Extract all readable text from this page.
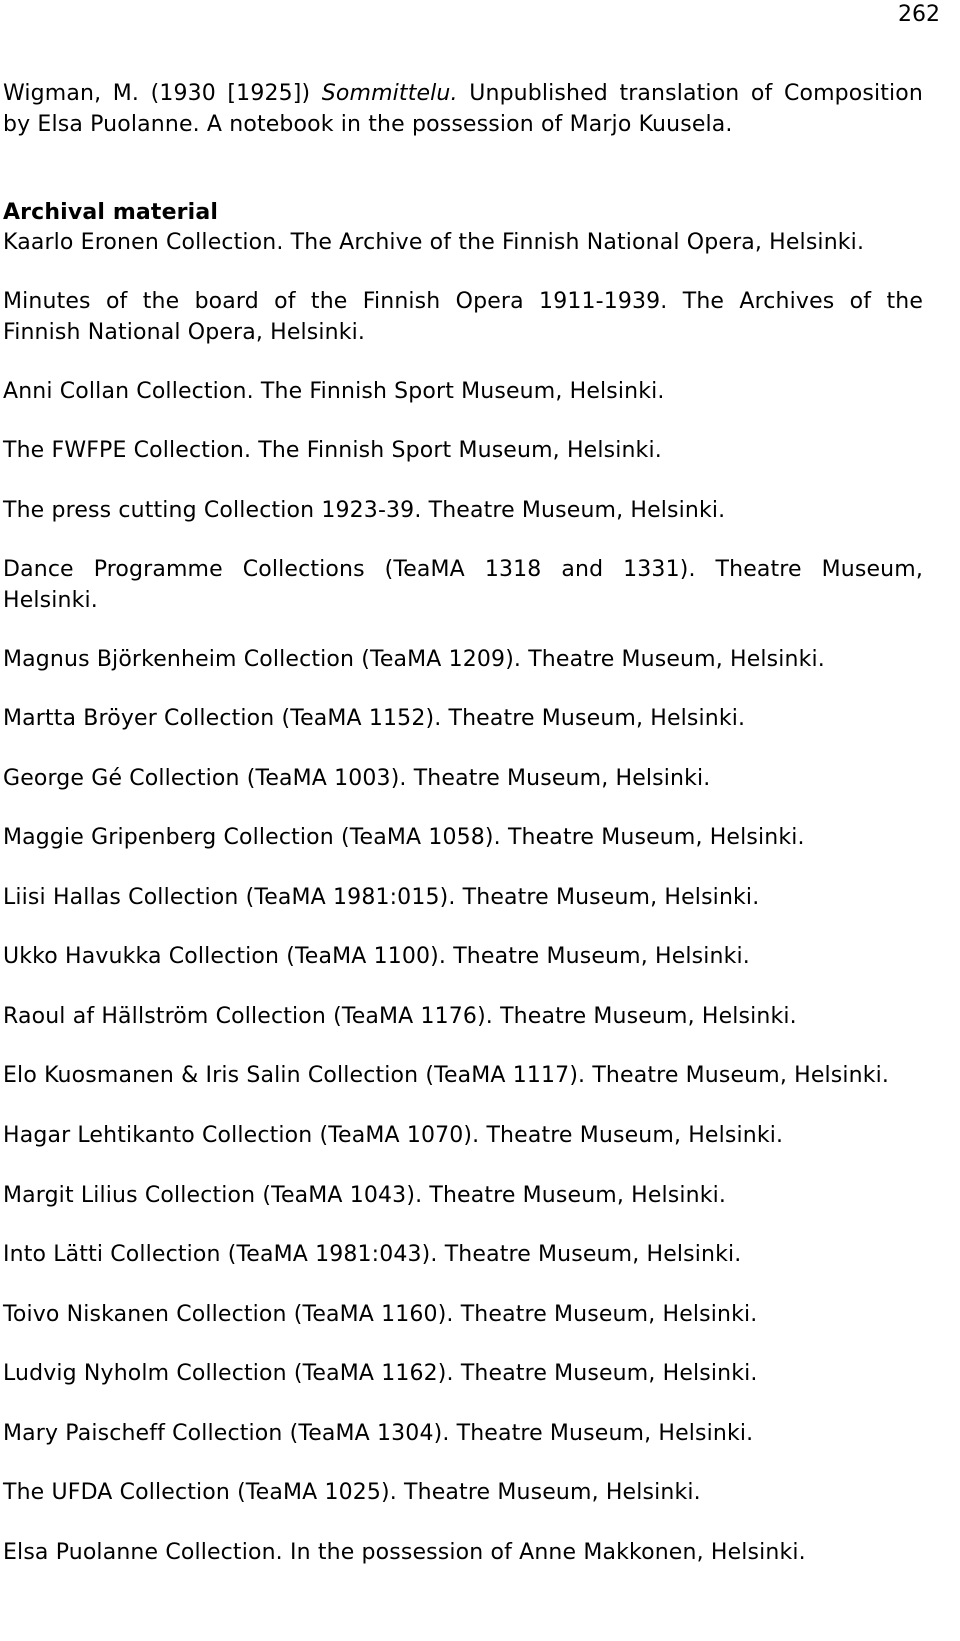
262
Wigman, M. (1930 [1925]) Sommittelu. Unpublished translation of Composition
by Elsa Puolanne. A notebook in the possession of Marjo Kuusela.
Archival material
Kaarlo Eronen Collection. The Archive of the Finnish National Opera, Helsinki.
Minutes of the board of the Finnish Opera 1911-1939. The Archives of the
Finnish National Opera, Helsinki.
Anni Collan Collection. The Finnish Sport Museum, Helsinki.
The FWFPE Collection. The Finnish Sport Museum, Helsinki.
The press cutting Collection 1923-39. Theatre Museum, Helsinki.
Dance Programme Collections (TeaMA 1318 and 1331). Theatre Museum,
Helsinki.
Magnus Björkenheim Collection (TeaMA 1209). Theatre Museum, Helsinki.
Martta Bröyer Collection (TeaMA 1152). Theatre Museum, Helsinki.
George Gé Collection (TeaMA 1003). Theatre Museum, Helsinki.
Maggie Gripenberg Collection (TeaMA 1058). Theatre Museum, Helsinki.
Liisi Hallas Collection (TeaMA 1981:015). Theatre Museum, Helsinki.
Ukko Havukka Collection (TeaMA 1100). Theatre Museum, Helsinki.
Raoul af Hällström Collection (TeaMA 1176). Theatre Museum, Helsinki.
Elo Kuosmanen & Iris Salin Collection (TeaMA 1117). Theatre Museum, Helsinki.
Hagar Lehtikanto Collection (TeaMA 1070). Theatre Museum, Helsinki.
Margit Lilius Collection (TeaMA 1043). Theatre Museum, Helsinki.
Into Lätti Collection (TeaMA 1981:043). Theatre Museum, Helsinki.
Toivo Niskanen Collection (TeaMA 1160). Theatre Museum, Helsinki.
Ludvig Nyholm Collection (TeaMA 1162). Theatre Museum, Helsinki.
Mary Paischeff Collection (TeaMA 1304). Theatre Museum, Helsinki.
The UFDA Collection (TeaMA 1025). Theatre Museum, Helsinki.
Elsa Puolanne Collection. In the possession of Anne Makkonen, Helsinki.
